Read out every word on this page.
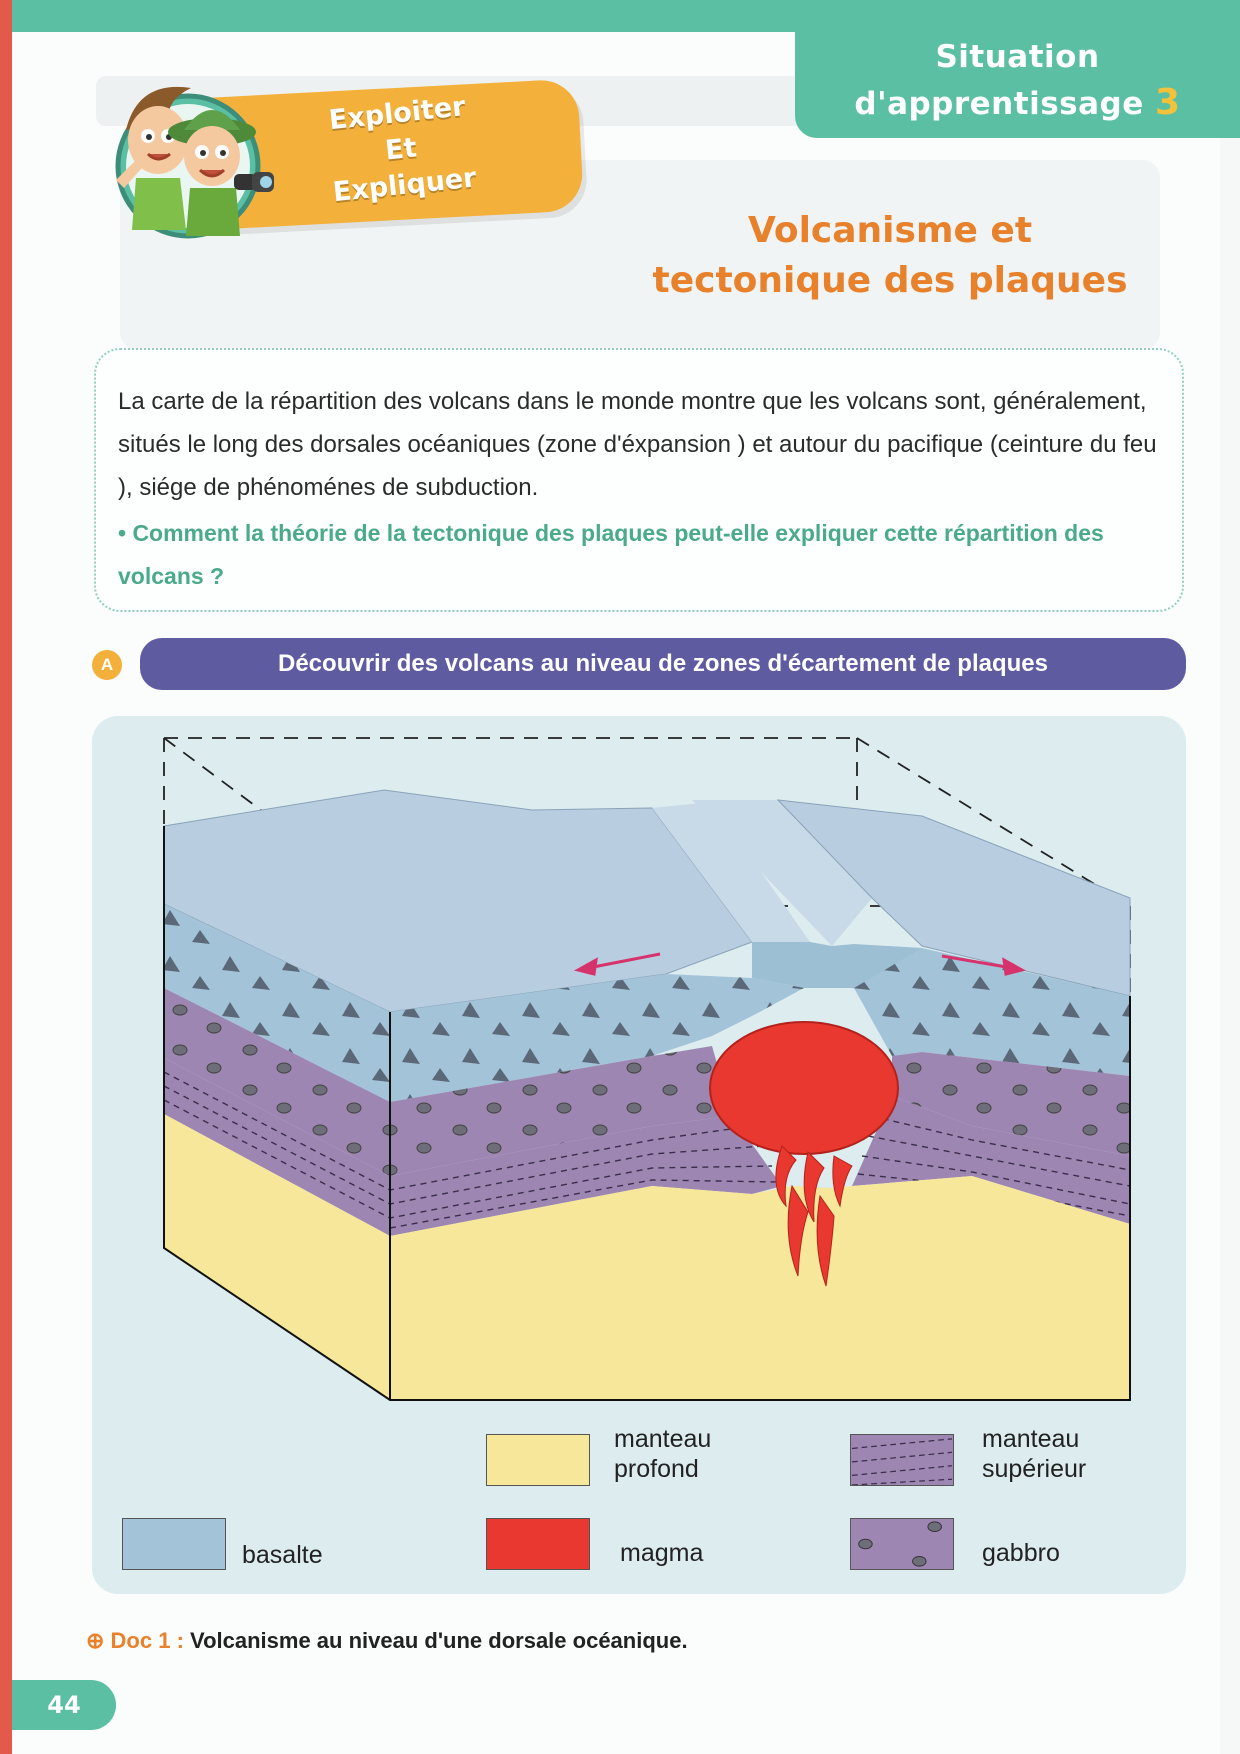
Situation
d'apprentissage 3
Exploiter
Et
Expliquer
Volcanisme et
tectonique des plaques

La carte de la répartition des volcans dans le monde montre que les volcans sont, généralement, situés le long des dorsales océaniques (zone d'éxpansion ) et autour du pacifique (ceinture du feu ), siége de phénoménes de subduction.

• Comment la théorie de la tectonique des plaques peut-elle expliquer cette répartition des volcans ?

A	Découvrir des volcans au niveau de zones d'écartement de plaques
manteau
profond
manteau
supérieur
basalte	magma	gabbro
⊕ Doc 1 : Volcanisme au niveau d'une dorsale océanique.
44
